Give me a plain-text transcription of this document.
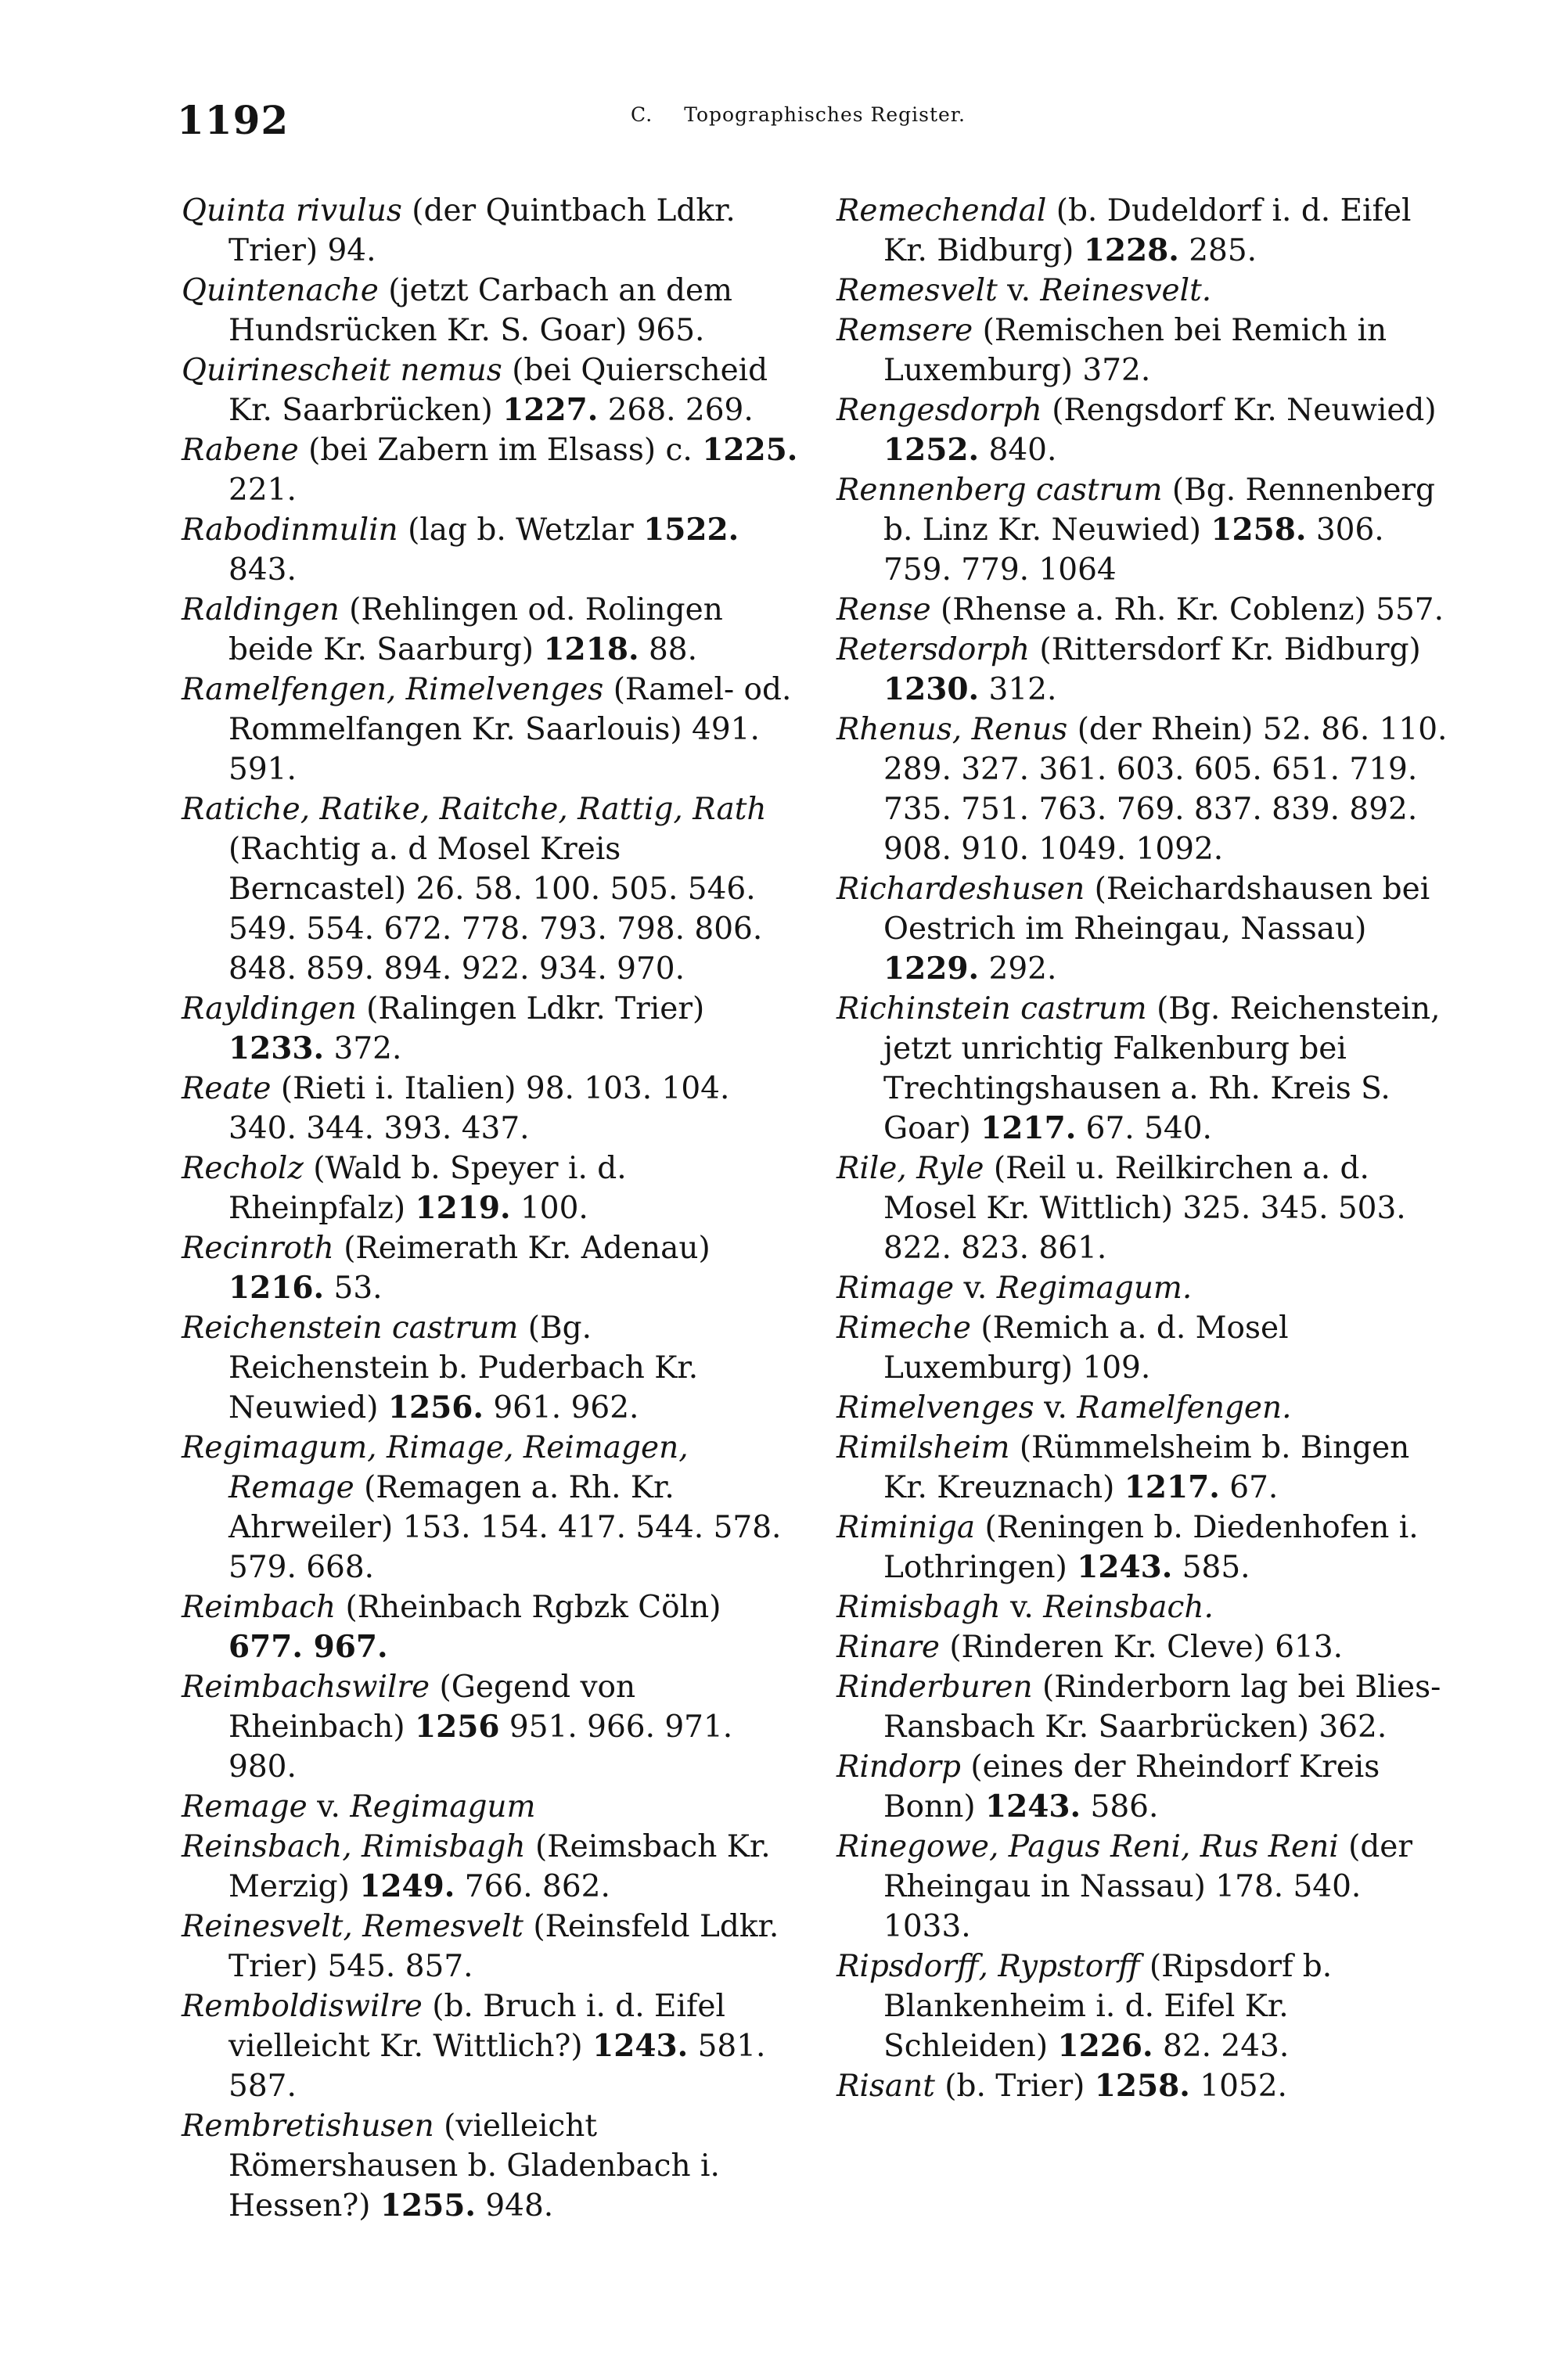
1192	C. Topographisches Register.

Quinta rivulus (der Quintbach Ldkr. Trier) 94.

Quintenache (jetzt Carbach an dem Hundsrücken Kr. S. Goar) 965.

Quirinescheit nemus (bei Quierscheid Kr. Saarbrücken) 1227. 268. 269.

Rabene (bei Zabern im Elsass) c. 1225. 221.

Rabodinmulin (lag b. Wetzlar 1522. 843.

Raldingen (Rehlingen od. Rolingen beide Kr. Saarburg) 1218. 88.

Ramelfengen, Rimelvenges (Ramel- od. Rommelfangen Kr. Saarlouis) 491. 591.

Ratiche, Ratike, Raitche, Rattig, Rath (Rachtig a. d Mosel Kreis Berncastel) 26. 58. 100. 505. 546. 549. 554. 672. 778. 793. 798. 806. 848. 859. 894. 922. 934. 970.

Rayldingen (Ralingen Ldkr. Trier) 1233. 372.

Reate (Rieti i. Italien) 98. 103. 104. 340. 344. 393. 437.

Recholz (Wald b. Speyer i. d. Rheinpfalz) 1219. 100.

Recinroth (Reimerath Kr. Adenau) 1216. 53.

Reichenstein castrum (Bg. Reichenstein b. Puderbach Kr. Neuwied) 1256. 961. 962.

Regimagum, Rimage, Reimagen, Remage (Remagen a. Rh. Kr. Ahrweiler) 153. 154. 417. 544. 578. 579. 668.

Reimbach (Rheinbach Rgbzk Cöln) 677. 967.

Reimbachswilre (Gegend von Rheinbach) 1256 951. 966. 971. 980.

Remage v. Regimagum

Reinsbach, Rimisbagh (Reimsbach Kr. Merzig) 1249. 766. 862.

Reinesvelt, Remesvelt (Reinsfeld Ldkr. Trier) 545. 857.

Remboldiswilre (b. Bruch i. d. Eifel vielleicht Kr. Wittlich?) 1243. 581. 587.

Rembretishusen (vielleicht Römershausen b. Gladenbach i. Hessen?) 1255. 948.

Remechendal (b. Dudeldorf i. d. Eifel Kr. Bidburg) 1228. 285.

Remesvelt v. Reinesvelt.

Remsere (Remischen bei Remich in Luxemburg) 372.

Rengesdorph (Rengsdorf Kr. Neuwied) 1252. 840.

Rennenberg castrum (Bg. Rennenberg b. Linz Kr. Neuwied) 1258. 306. 759. 779. 1064

Rense (Rhense a. Rh. Kr. Coblenz) 557.

Retersdorph (Rittersdorf Kr. Bidburg) 1230. 312.

Rhenus, Renus (der Rhein) 52. 86. 110. 289. 327. 361. 603. 605. 651. 719. 735. 751. 763. 769. 837. 839. 892. 908. 910. 1049. 1092.

Richardeshusen (Reichardshausen bei Oestrich im Rheingau, Nassau) 1229. 292.

Richinstein castrum (Bg. Reichenstein, jetzt unrichtig Falkenburg bei Trechtingshausen a. Rh. Kreis S. Goar) 1217. 67. 540.

Rile, Ryle (Reil u. Reilkirchen a. d. Mosel Kr. Wittlich) 325. 345. 503. 822. 823. 861.

Rimage v. Regimagum.

Rimeche (Remich a. d. Mosel Luxemburg) 109.

Rimelvenges v. Ramelfengen.

Rimilsheim (Rümmelsheim b. Bingen Kr. Kreuznach) 1217. 67.

Riminiga (Reningen b. Diedenhofen i. Lothringen) 1243. 585.

Rimisbagh v. Reinsbach.

Rinare (Rinderen Kr. Cleve) 613.

Rinderburen (Rinderborn lag bei Blies-Ransbach Kr. Saarbrücken) 362.

Rindorp (eines der Rheindorf Kreis Bonn) 1243. 586.

Rinegowe, Pagus Reni, Rus Reni (der Rheingau in Nassau) 178. 540. 1033.

Ripsdorff, Rypstorff (Ripsdorf b. Blankenheim i. d. Eifel Kr. Schleiden) 1226. 82. 243.

Risant (b. Trier) 1258. 1052.
